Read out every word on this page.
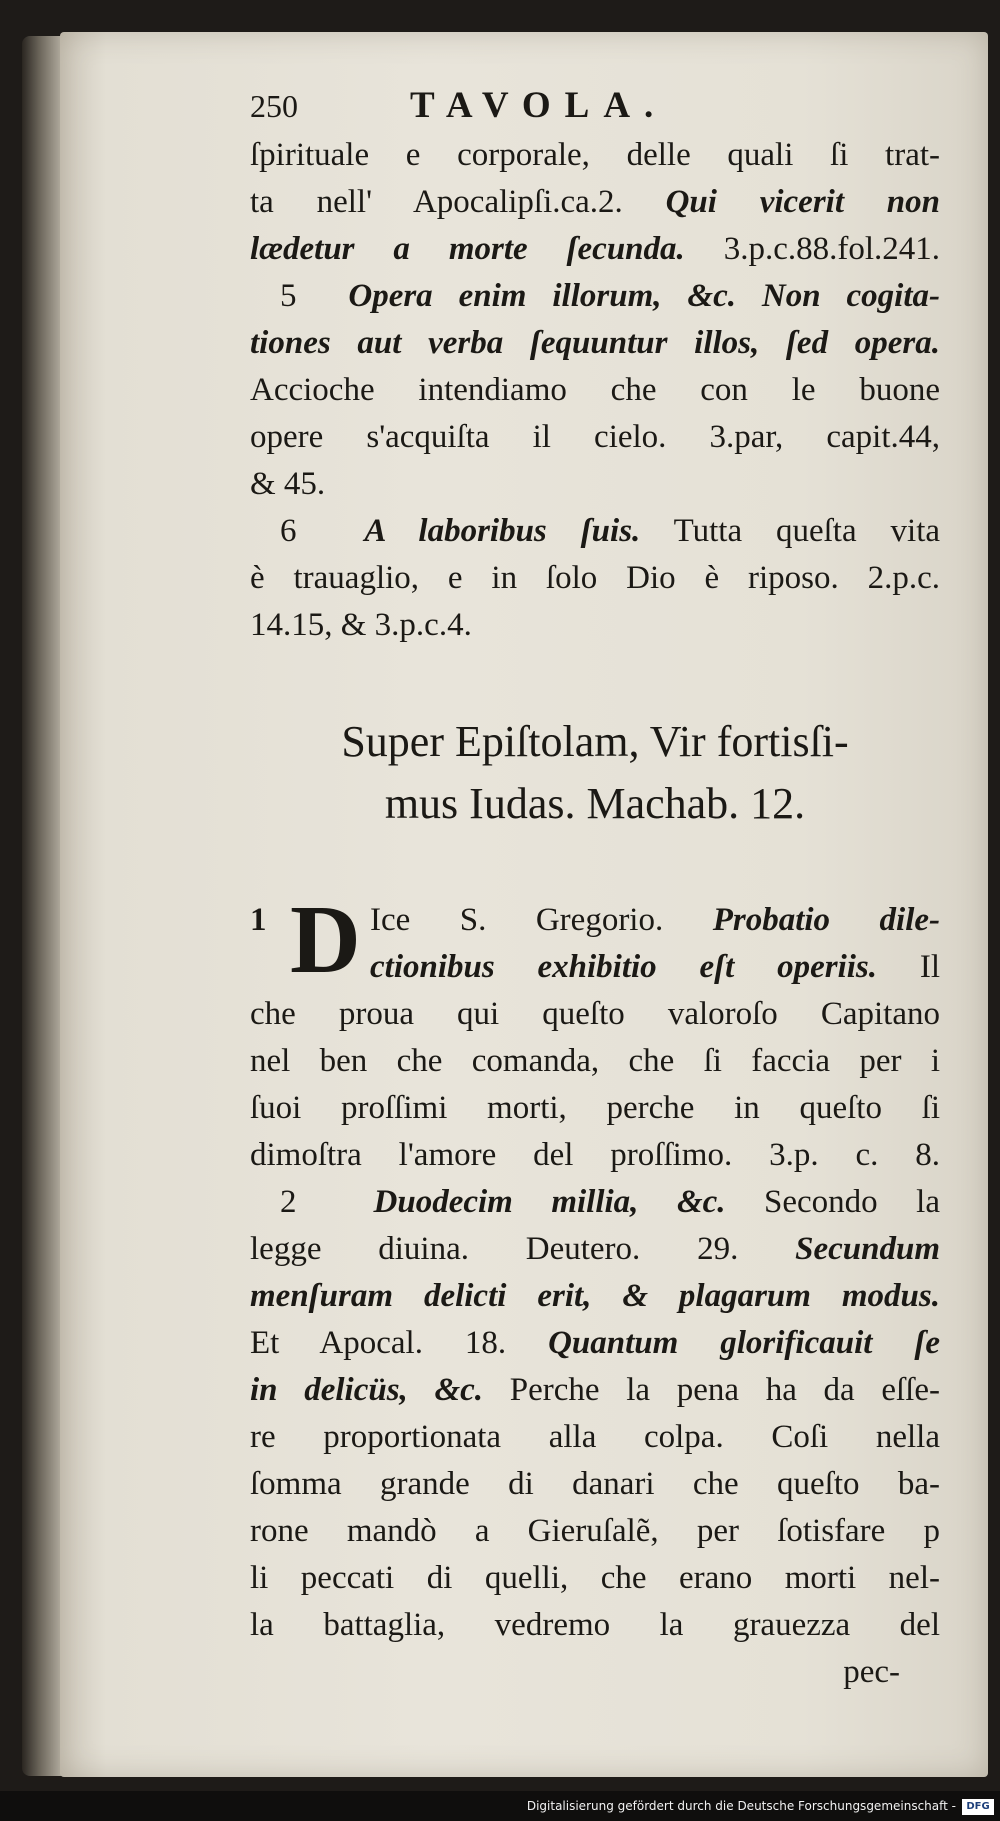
250	TAVOLA.
ſpirituale e corporale, delle quali ſi trat-
ta nell' Apocalipſi.ca.2. Qui vicerit non
lædetur a morte ſecunda. 3.p.c.88.fol.241.
5 Opera enim illorum, &c. Non cogita-
tiones aut verba ſequuntur illos, ſed opera.
Accioche intendiamo che con le buone
opere s'acquiſta il cielo. 3.par, capit.44,
& 45.
6 A laboribus ſuis. Tutta queſta vita
è trauaglio, e in ſolo Dio è riposo. 2.p.c.
14.15, & 3.p.c.4.
Super Epiſtolam, Vir fortisſi-
mus Iudas. Machab. 12.
1 D Ice S. Gregorio. Probatio dile-
ctionibus exhibitio eſt operiis. Il
che proua qui queſto valoroſo Capitano
nel ben che comanda, che ſi faccia per i
ſuoi proſſimi morti, perche in queſto ſi
dimoſtra l'amore del proſſimo. 3.p. c. 8.
2 Duodecim millia, &c. Secondo la
legge diuina. Deutero. 29. Secundum
menſuram delicti erit, & plagarum modus.
Et Apocal. 18. Quantum glorificauit ſe
in delicüs, &c. Perche la pena ha da eſſe-
re proportionata alla colpa. Coſi nella
ſomma grande di danari che queſto ba-
rone mandò a Gieruſalẽ, per ſotisfare p
li peccati di quelli, che erano morti nel-
la battaglia, vedremo la grauezza del
pec-
Digitalisierung gefördert durch die Deutsche Forschungsgemeinschaft -	DFG
